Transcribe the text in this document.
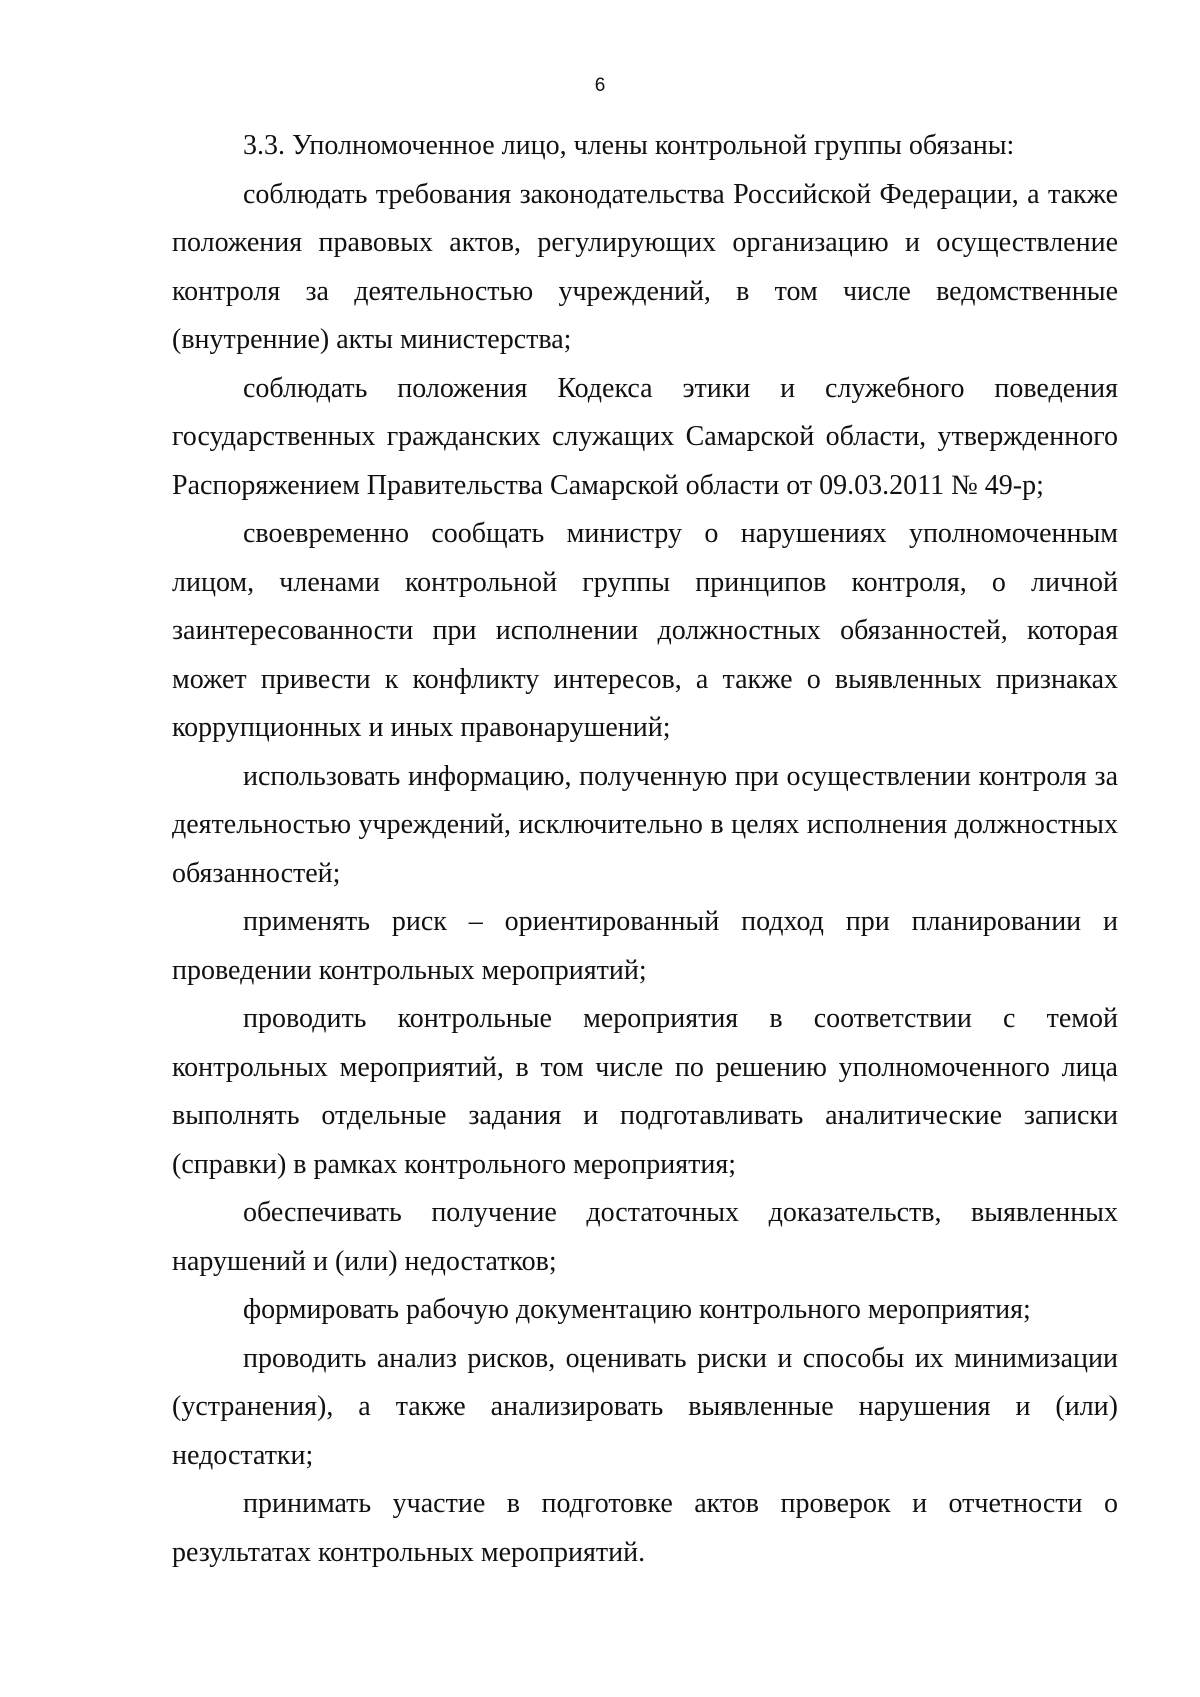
6

3.3. Уполномоченное лицо, члены контрольной группы обязаны:

соблюдать требования законодательства Российской Федерации, а также положения правовых актов, регулирующих организацию и осуществление контроля за деятельностью учреждений, в том числе ведомственные (внутренние) акты министерства;

соблюдать положения Кодекса этики и служебного поведения государственных гражданских служащих Самарской области, утвержденного Распоряжением Правительства Самарской области от 09.03.2011 № 49-р;

своевременно сообщать министру о нарушениях уполномоченным лицом, членами контрольной группы принципов контроля, о личной заинтересованности при исполнении должностных обязанностей, которая может привести к конфликту интересов, а также о выявленных признаках коррупционных и иных правонарушений;

использовать информацию, полученную при осуществлении контроля за деятельностью учреждений, исключительно в целях исполнения должностных обязанностей;

применять риск – ориентированный подход при планировании и проведении контрольных мероприятий;

проводить контрольные мероприятия в соответствии с темой контрольных мероприятий, в том числе по решению уполномоченного лица выполнять отдельные задания и подготавливать аналитические записки (справки) в рамках контрольного мероприятия;

обеспечивать получение достаточных доказательств, выявленных нарушений и (или) недостатков;

формировать рабочую документацию контрольного мероприятия;

проводить анализ рисков, оценивать риски и способы их минимизации (устранения), а также анализировать выявленные нарушения и (или) недостатки;

принимать участие в подготовке актов проверок и отчетности о результатах контрольных мероприятий.
